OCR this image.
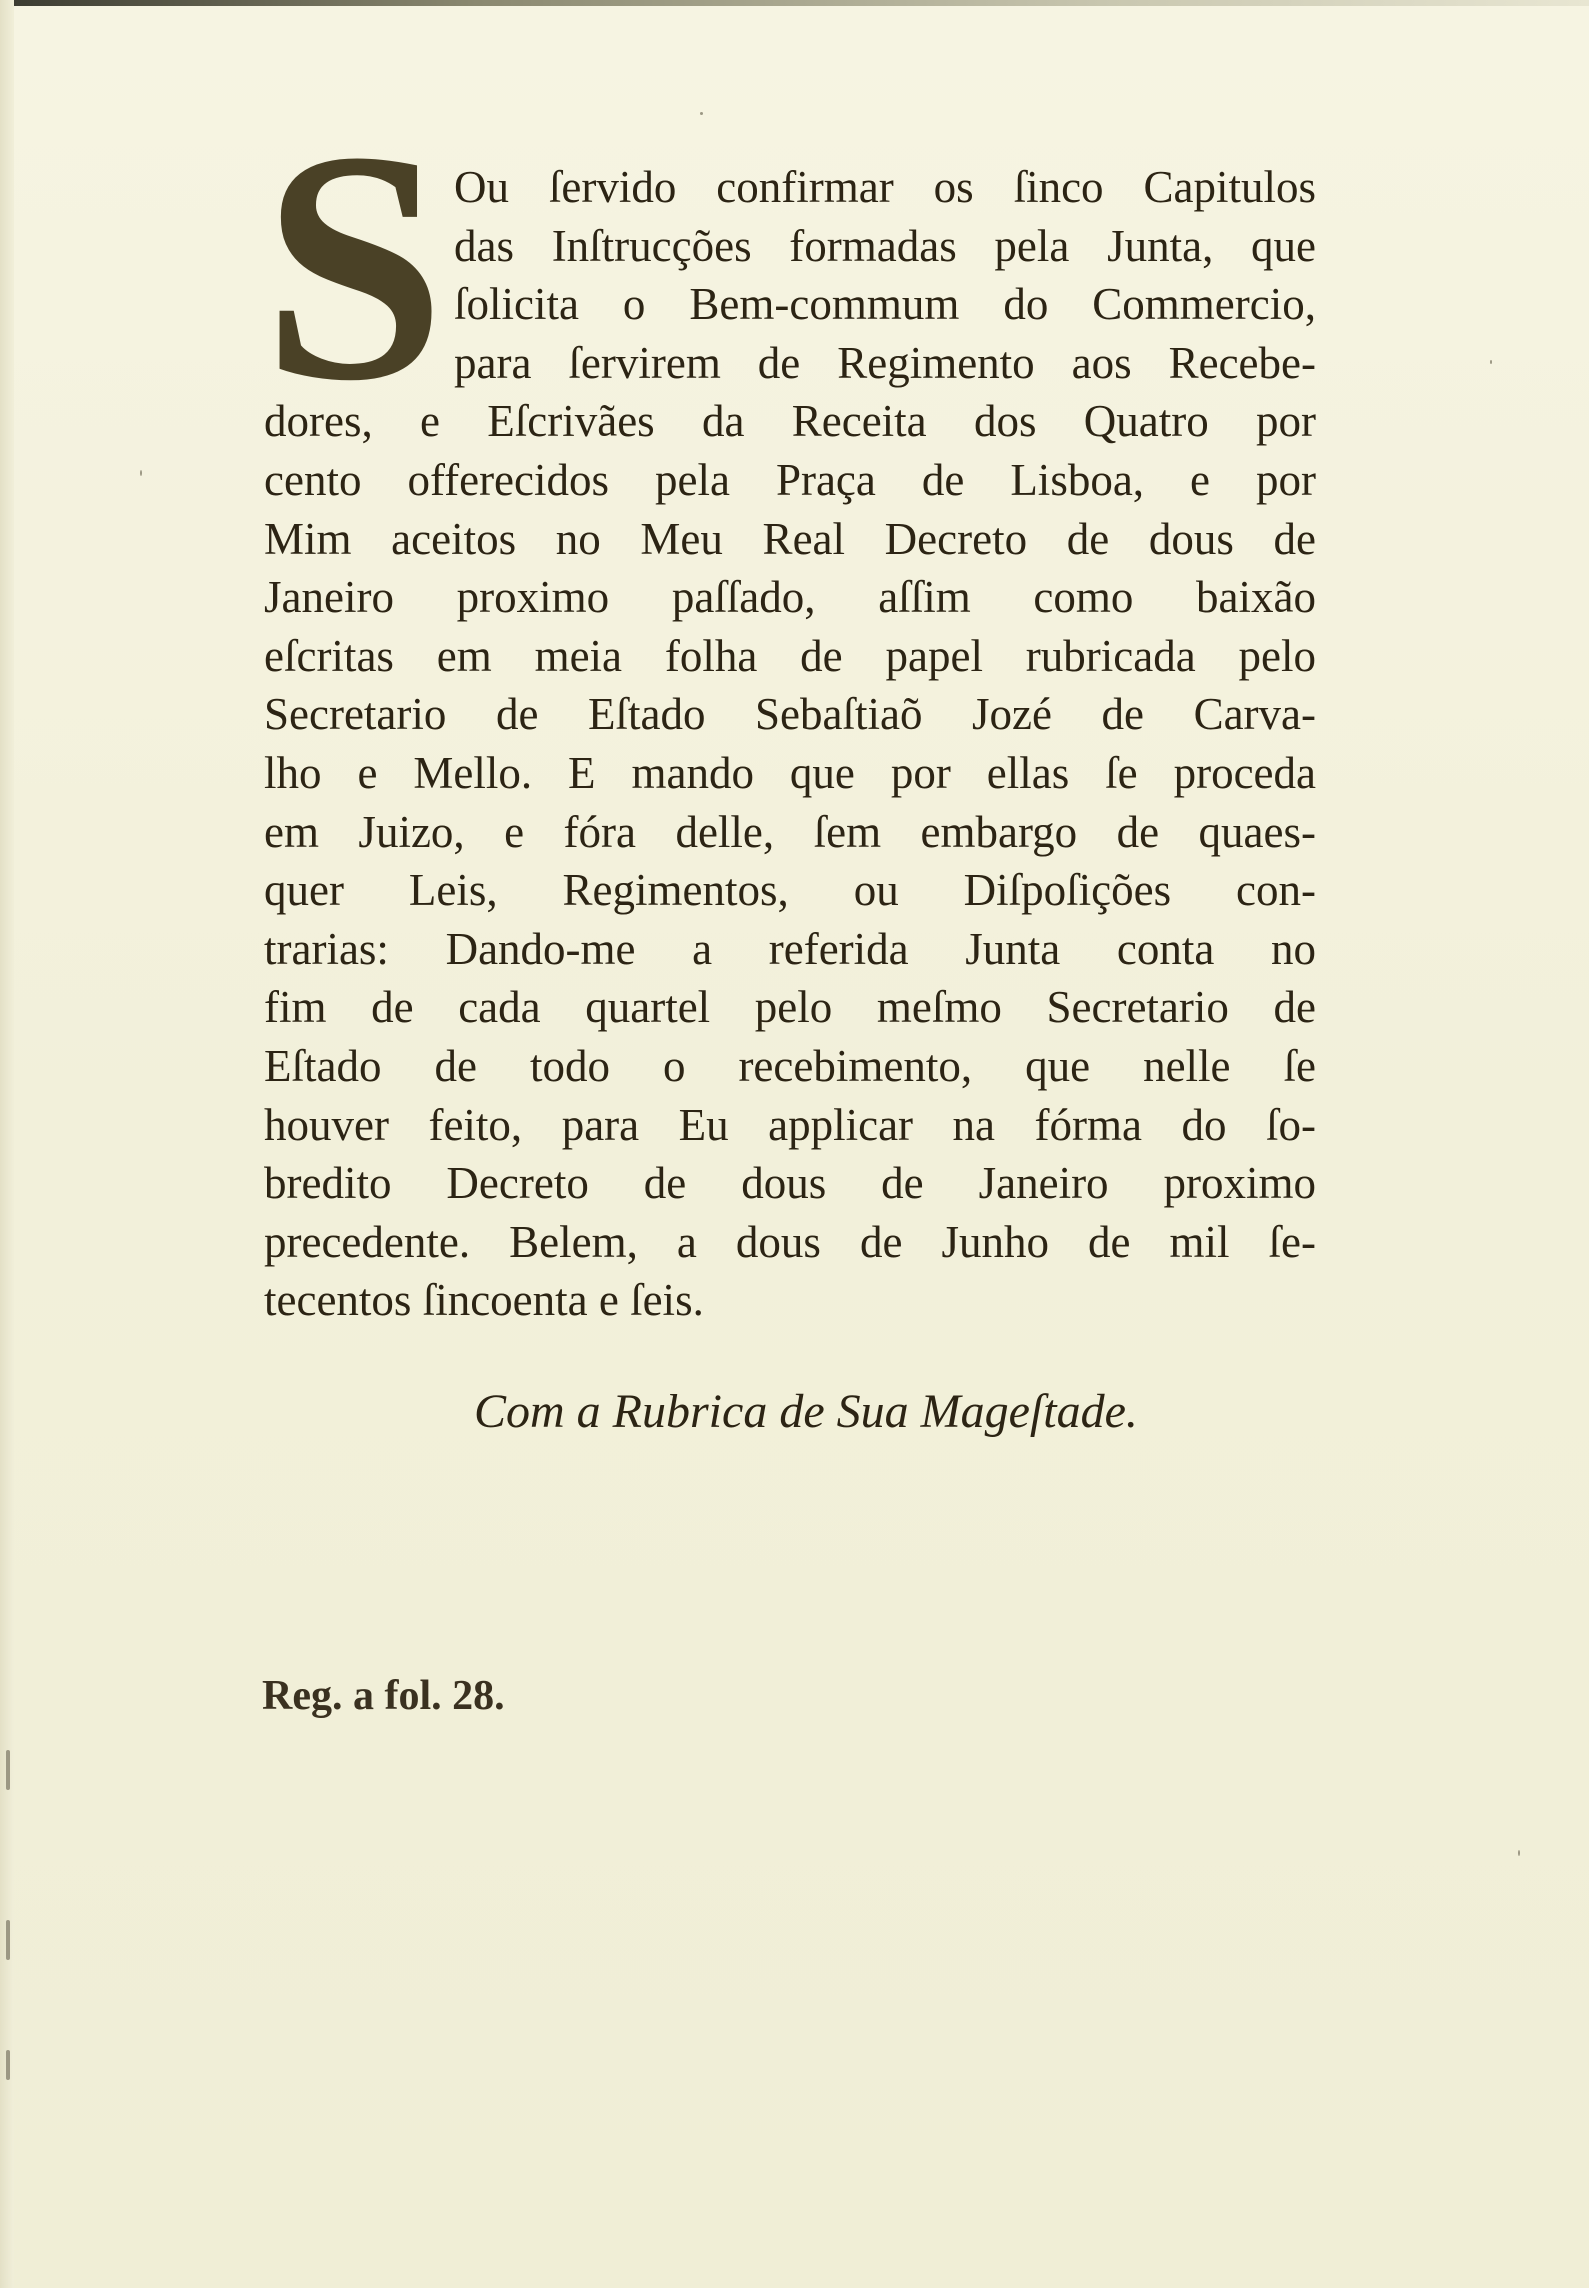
S Ou ſervido confirmar os ſinco Capitulos
das Inſtrucções formadas pela Junta, que
ſolicita o Bem-commum do Commercio,
para ſervirem de Regimento aos Recebe-
dores, e Eſcrivães da Receita dos Quatro por
cento offerecidos pela Praça de Lisboa, e por
Mim aceitos no Meu Real Decreto de dous de
Janeiro proximo paſſado, aſſim como baixão
eſcritas em meia folha de papel rubricada pelo
Secretario de Eſtado Sebaſtiaõ Jozé de Carva-
lho e Mello. E mando que por ellas ſe proceda
em Juizo, e fóra delle, ſem embargo de quaes-
quer Leis, Regimentos, ou Diſpoſições con-
trarias: Dando-me a referida Junta conta no
fim de cada quartel pelo meſmo Secretario de
Eſtado de todo o recebimento, que nelle ſe
houver feito, para Eu applicar na fórma do ſo-
bredito Decreto de dous de Janeiro proximo
precedente. Belem, a dous de Junho de mil ſe-
tecentos ſincoenta e ſeis.
Com a Rubrica de Sua Mageſtade.
Reg. a fol. 28.
